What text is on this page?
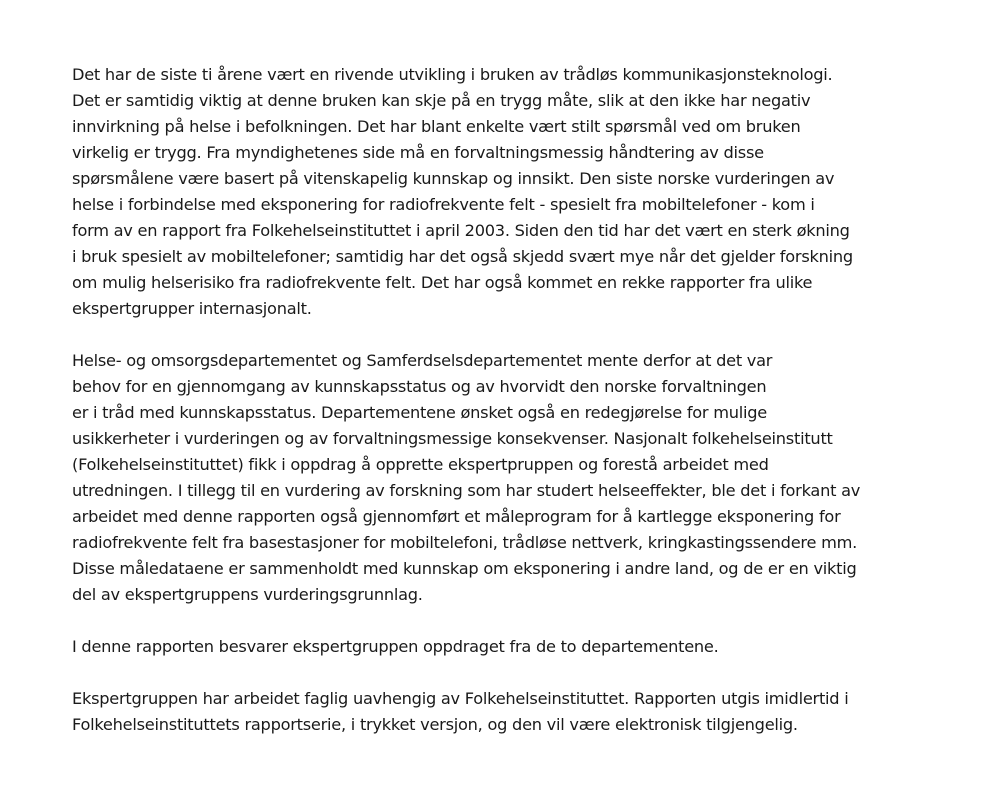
Det har de siste ti årene vært en rivende utvikling i bruken av trådløs kommunikasjonsteknologi.
Det er samtidig viktig at denne bruken kan skje på en trygg måte, slik at den ikke har negativ
innvirkning på helse i befolkningen. Det har blant enkelte vært stilt spørsmål ved om bruken
virkelig er trygg. Fra myndighetenes side må en forvaltningsmessig håndtering av disse
spørsmålene være basert på vitenskapelig kunnskap og innsikt. Den siste norske vurderingen av
helse i forbindelse med eksponering for radiofrekvente felt - spesielt fra mobiltelefoner - kom i
form av en rapport fra Folkehelseinstituttet i april 2003. Siden den tid har det vært en sterk økning
i bruk spesielt av mobiltelefoner; samtidig har det også skjedd svært mye når det gjelder forskning
om mulig helserisiko fra radiofrekvente felt. Det har også kommet en rekke rapporter fra ulike
ekspertgrupper internasjonalt.

Helse- og omsorgsdepartementet og Samferdselsdepartementet mente derfor at det var
behov for en gjennomgang av kunnskapsstatus og av hvorvidt den norske forvaltningen
er i tråd med kunnskapsstatus. Departementene ønsket også en redegjørelse for mulige
usikkerheter i vurderingen og av forvaltningsmessige konsekvenser. Nasjonalt folkehelseinstitutt
(Folkehelseinstituttet) fikk i oppdrag å opprette ekspertpruppen og forestå arbeidet med
utredningen. I tillegg til en vurdering av forskning som har studert helseeffekter, ble det i forkant av
arbeidet med denne rapporten også gjennomført et måleprogram for å kartlegge eksponering for
radiofrekvente felt fra basestasjoner for mobiltelefoni, trådløse nettverk, kringkastingssendere mm.
Disse måledataene er sammenholdt med kunnskap om eksponering i andre land, og de er en viktig
del av ekspertgruppens vurderingsgrunnlag.

I denne rapporten besvarer ekspertgruppen oppdraget fra de to departementene.

Ekspertgruppen har arbeidet faglig uavhengig av Folkehelseinstituttet. Rapporten utgis imidlertid i
Folkehelseinstituttets rapportserie, i trykket versjon, og den vil være elektronisk tilgjengelig.
